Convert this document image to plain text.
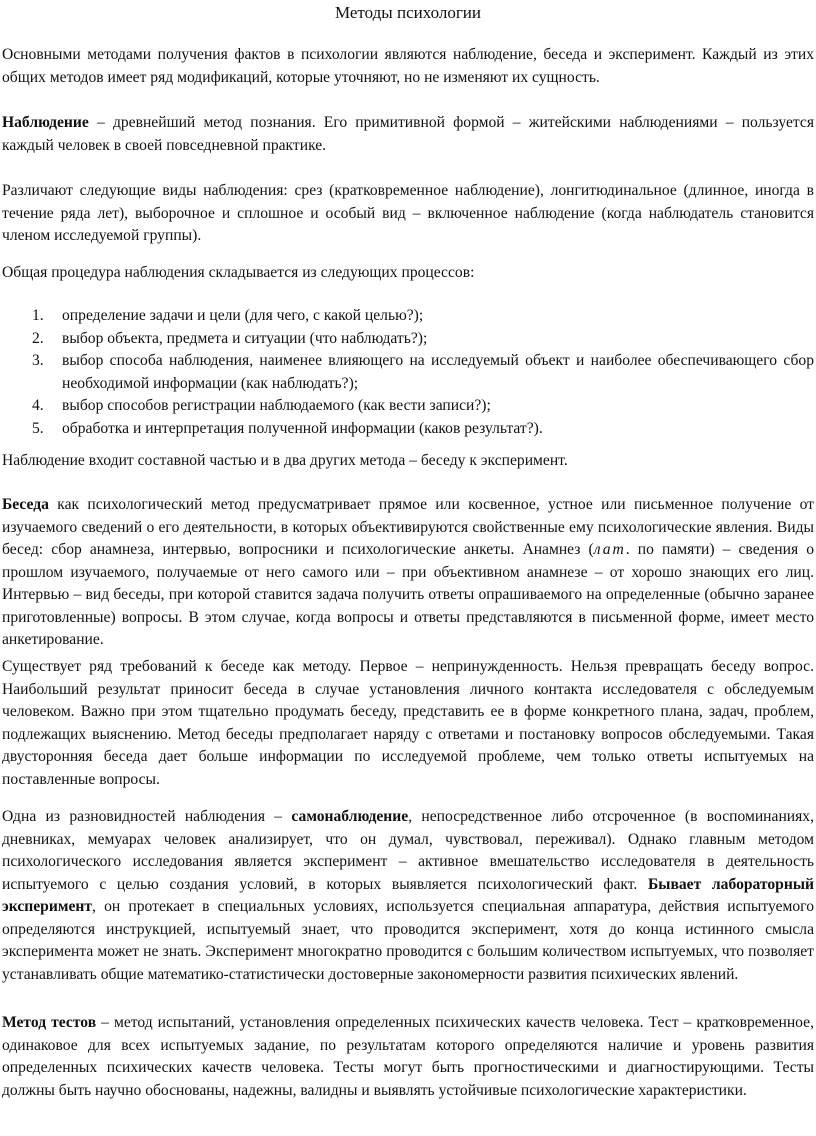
Методы психологии

Основными методами получения фактов в психологии являются наблюдение, беседа и эксперимент. Каждый из этих общих методов имеет ряд модификаций, которые уточняют, но не изменяют их сущность.

Наблюдение – древнейший метод познания. Его примитивной формой – житейскими наблюдениями – пользуется каждый человек в своей повседневной практике.

Различают следующие виды наблюдения: срез (кратковременное наблюдение), лонгитюдинальное (длинное, иногда в течение ряда лет), выборочное и сплошное и особый вид – включенное наблюдение (когда наблюдатель становится членом исследуемой группы).

Общая процедура наблюдения складывается из следующих процессов:

1. определение задачи и цели (для чего, с какой целью?);
2. выбор объекта, предмета и ситуации (что наблюдать?);
3. выбор способа наблюдения, наименее влияющего на исследуемый объект и наиболее обеспечивающего сбор необходимой информации (как наблюдать?);
4. выбор способов регистрации наблюдаемого (как вести записи?);
5. обработка и интерпретация полученной информации (каков результат?).

Наблюдение входит составной частью и в два других метода – беседу к эксперимент.

Беседа как психологический метод предусматривает прямое или косвенное, устное или письменное получение от изучаемого сведений о его деятельности, в которых объективируются свойственные ему психологические явления. Виды бесед: сбор анамнеза, интервью, вопросники и психологические анкеты. Анамнез (лат. по памяти) – сведения о прошлом изучаемого, получаемые от него самого или – при объективном анамнезе – от хорошо знающих его лиц. Интервью – вид беседы, при которой ставится задача получить ответы опрашиваемого на определенные (обычно заранее приготовленные) вопросы. В этом случае, когда вопросы и ответы представляются в письменной форме, имеет место анкетирование.

Существует ряд требований к беседе как методу. Первое – непринужденность. Нельзя превращать беседу вопрос. Наибольший результат приносит беседа в случае установления личного контакта исследователя с обследуемым человеком. Важно при этом тщательно продумать беседу, представить ее в форме конкретного плана, задач, проблем, подлежащих выяснению. Метод беседы предполагает наряду с ответами и постановку вопросов обследуемыми. Такая двусторонняя беседа дает больше информации по исследуемой проблеме, чем только ответы испытуемых на поставленные вопросы.

Одна из разновидностей наблюдения – самонаблюдение, непосредственное либо отсроченное (в воспоминаниях, дневниках, мемуарах человек анализирует, что он думал, чувствовал, переживал). Однако главным методом психологического исследования является эксперимент – активное вмешательство исследователя в деятельность испытуемого с целью создания условий, в которых выявляется психологический факт. Бывает лабораторный эксперимент, он протекает в специальных условиях, используется специальная аппаратура, действия испытуемого определяются инструкцией, испытуемый знает, что проводится эксперимент, хотя до конца истинного смысла эксперимента может не знать. Эксперимент многократно проводится с большим количеством испытуемых, что позволяет устанавливать общие математико-статистически достоверные закономерности развития психических явлений.

Метод тестов – метод испытаний, установления определенных психических качеств человека. Тест – кратковременное, одинаковое для всех испытуемых задание, по результатам которого определяются наличие и уровень развития определенных психических качеств человека. Тесты могут быть прогностическими и диагностирующими. Тесты должны быть научно обоснованы, надежны, валидны и выявлять устойчивые психологические характеристики.
